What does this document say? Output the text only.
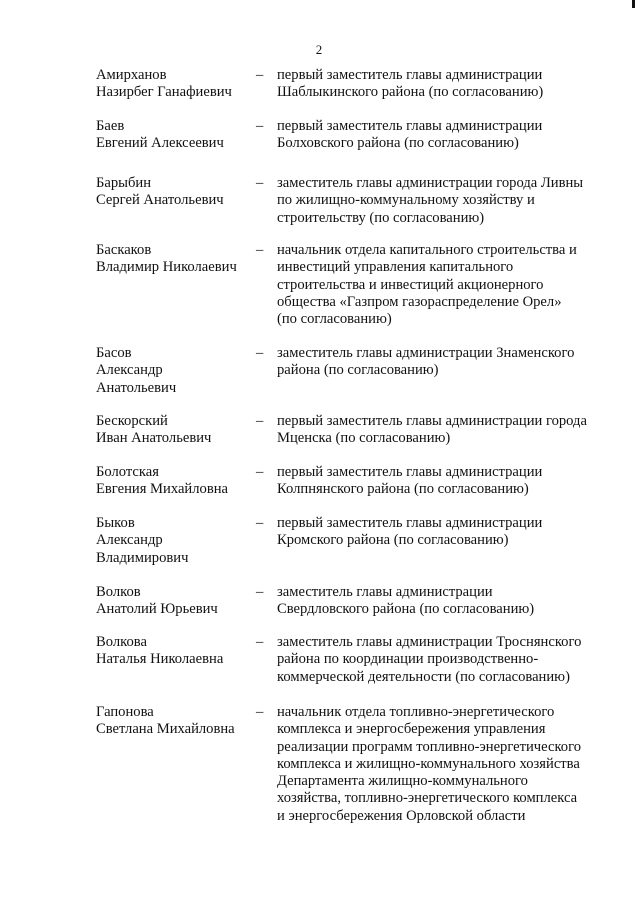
2
Амирханов
Назирбег Ганафиевич
– первый заместитель главы администрации
Шаблыкинского района (по согласованию)
Баев
Евгений Алексеевич
– первый заместитель главы администрации
Болховского района (по согласованию)
Барыбин
Сергей Анатольевич
– заместитель главы администрации города Ливны
по жилищно-коммунальному хозяйству и
строительству (по согласованию)
Баскаков
Владимир Николаевич
– начальник отдела капитального строительства и
инвестиций управления капитального
строительства и инвестиций акционерного
общества «Газпром газораспределение Орел»
(по согласованию)
Басов
Александр
Анатольевич
– заместитель главы администрации Знаменского
района (по согласованию)
Бескорский
Иван Анатольевич
– первый заместитель главы администрации города
Мценска (по согласованию)
Болотская
Евгения Михайловна
– первый заместитель главы администрации
Колпнянского района (по согласованию)
Быков
Александр
Владимирович
– первый заместитель главы администрации
Кромского района (по согласованию)
Волков
Анатолий Юрьевич
– заместитель главы администрации
Свердловского района (по согласованию)
Волкова
Наталья Николаевна
– заместитель главы администрации Троснянского
района по координации производственно-
коммерческой деятельности (по согласованию)
Гапонова
Светлана Михайловна
– начальник отдела топливно-энергетического
комплекса и энергосбережения управления
реализации программ топливно-энергетического
комплекса и жилищно-коммунального хозяйства
Департамента жилищно-коммунального
хозяйства, топливно-энергетического комплекса
и энергосбережения Орловской области
